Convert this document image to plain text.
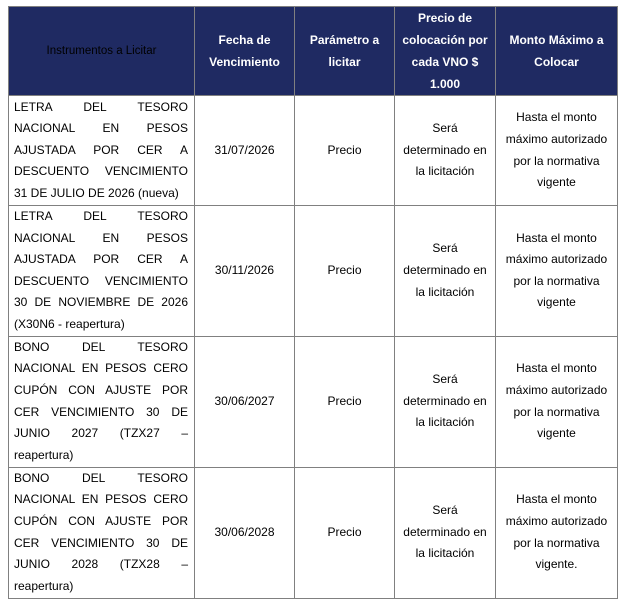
Instrumentos a Licitar	Fecha de Vencimiento	Parámetro a licitar	Precio de colocación por cada VNO $ 1.000	Monto Máximo a Colocar
LETRA DEL TESORO NACIONAL EN PESOS AJUSTADA POR CER A DESCUENTO VENCIMIENTO 31 DE JULIO DE 2026 (nueva)	31/07/2026	Precio	Será determinado en la licitación	Hasta el monto máximo autorizado por la normativa vigente
LETRA DEL TESORO NACIONAL EN PESOS AJUSTADA POR CER A DESCUENTO VENCIMIENTO 30 DE NOVIEMBRE DE 2026 (X30N6 - reapertura)	30/11/2026	Precio	Será determinado en la licitación	Hasta el monto máximo autorizado por la normativa vigente
BONO DEL TESORO NACIONAL EN PESOS CERO CUPÓN CON AJUSTE POR CER VENCIMIENTO 30 DE JUNIO 2027 (TZX27 – reapertura)	30/06/2027	Precio	Será determinado en la licitación	Hasta el monto máximo autorizado por la normativa vigente
BONO DEL TESORO NACIONAL EN PESOS CERO CUPÓN CON AJUSTE POR CER VENCIMIENTO 30 DE JUNIO 2028 (TZX28 – reapertura)	30/06/2028	Precio	Será determinado en la licitación	Hasta el monto máximo autorizado por la normativa vigente.
